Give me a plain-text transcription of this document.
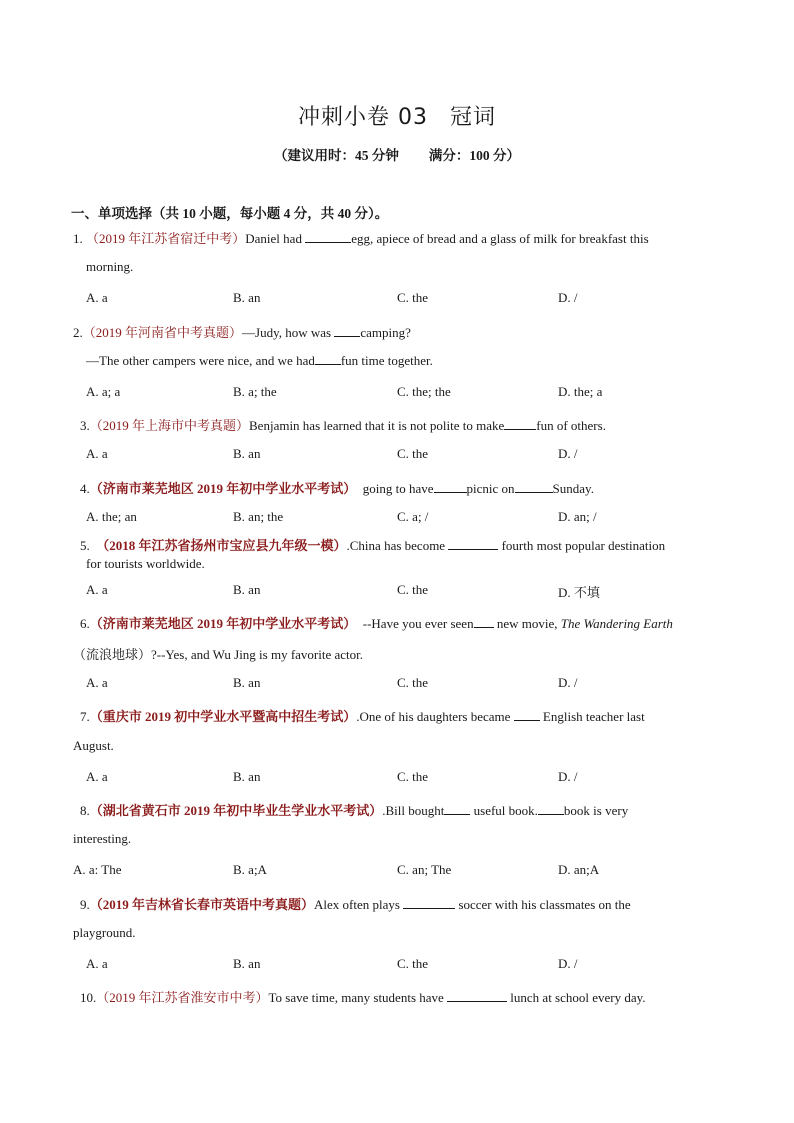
冲刺小卷 03 冠词
（建议用时：45 分钟 满分：100 分）
一、单项选择（共 10 小题，每小题 4 分，共 40 分）。
1. （2019 年江苏省宿迁中考）Daniel had	egg, apiece of bread and a glass of milk for breakfast this
morning.
A. a	B. an	C. the	D. /
2.（2019 年河南省中考真题）—Judy, how was camping?
—The other campers were nice, and we had fun time together.
A. a; a	B. a; the	C. the; the	D. the; a
3.（2019 年上海市中考真题）Benjamin has learned that it is not polite to make fun of others.
A. a	B. an	C. the	D. /
4.（济南市莱芜地区 2019 年初中学业水平考试） going to have	picnic on	Sunday.
A. the; an	B. an; the	C. a; /	D. an; /
5. （2018 年江苏省扬州市宝应县九年级一模）.China has become	fourth most popular destination
for tourists worldwide.
A. a	B. an	C. the	D. 不填
6.（济南市莱芜地区 2019 年初中学业水平考试） --Have you ever seen new movie, The Wandering Earth
（流浪地球）?--Yes, and Wu Jing is my favorite actor.
A. a	B. an	C. the	D. /
7.（重庆市 2019 初中学业水平暨高中招生考试）.One of his daughters became  English teacher last
August.
A. a	B. an	C. the	D. /
8.（湖北省黄石市 2019 年初中毕业生学业水平考试）.Bill bought useful book. book is very
interesting.
A. a: The	B. a;A	C. an; The	D. an;A
9.（2019 年吉林省长春市英语中考真题）Alex often plays	soccer with his classmates on the
playground.
A. a	B. an	C. the	D. /
10.（2019 年江苏省淮安市中考）To save time, many students have	lunch at school every day.
